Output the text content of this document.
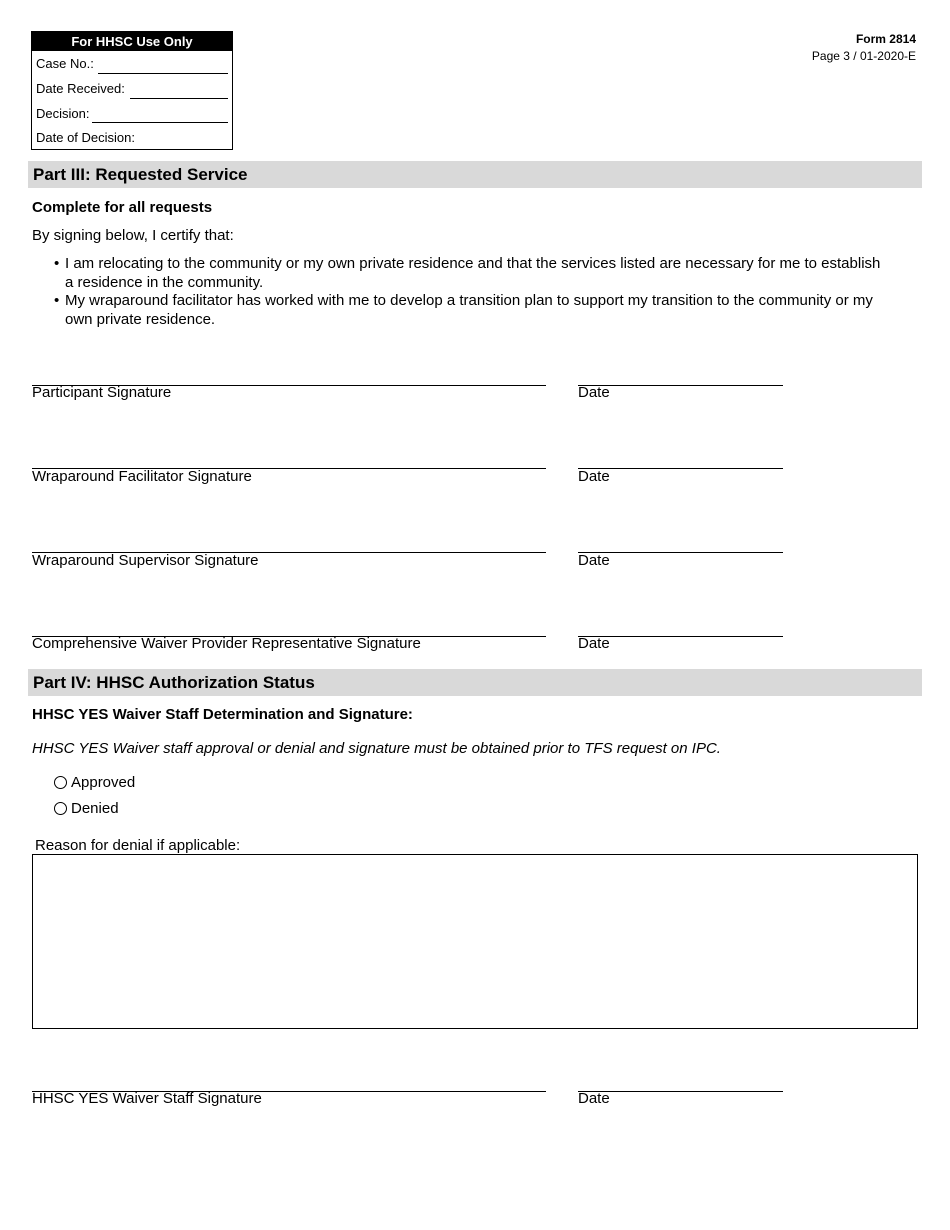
For HHSC Use Only
Case No.:
Date Received:
Decision:
Date of Decision:
Form 2814
Page 3 / 01-2020-E
Part III: Requested Service
Complete for all requests
By signing below, I certify that:
• I am relocating to the community or my own private residence and that the services listed are necessary for me to establish
a residence in the community.
• My wraparound facilitator has worked with me to develop a transition plan to support my transition to the community or my
own private residence.
Participant Signature	Date
Wraparound Facilitator Signature	Date
Wraparound Supervisor Signature	Date
Comprehensive Waiver Provider Representative Signature	Date
Part IV: HHSC Authorization Status
HHSC YES Waiver Staff Determination and Signature:
HHSC YES Waiver staff approval or denial and signature must be obtained prior to TFS request on IPC.
Approved
Denied
Reason for denial if applicable:
HHSC YES Waiver Staff Signature	Date
